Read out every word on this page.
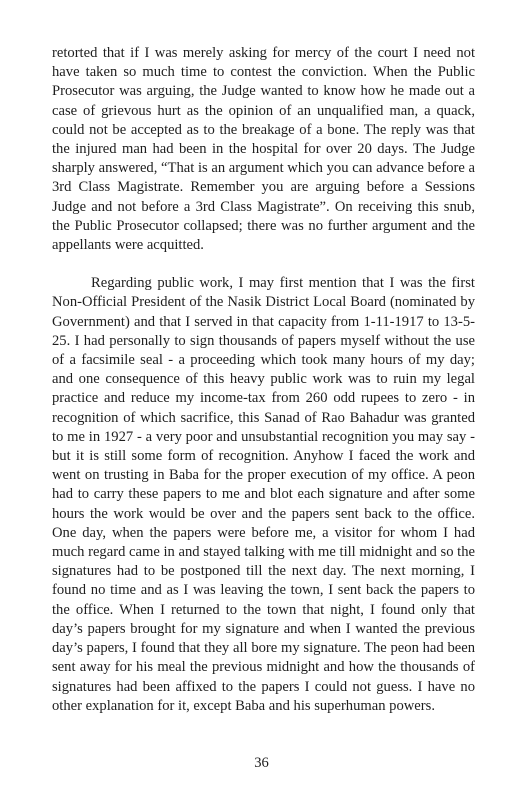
retorted that if I was merely asking for mercy of the court I need not have taken so much time to contest the conviction. When the Public Prosecutor was arguing, the Judge wanted to know how he made out a case of grievous hurt as the opinion of an unqualified man, a quack, could not be accepted as to the breakage of a bone. The reply was that the injured man had been in the hospital for over 20 days. The Judge sharply answered, “That is an argument which you can advance before a 3rd Class Magistrate. Remember you are arguing before a Sessions Judge and not before a 3rd Class Magistrate”. On receiving this snub, the Public Prosecutor collapsed; there was no further argument and the appellants were acquitted.

Regarding public work, I may first mention that I was the first Non-Official President of the Nasik District Local Board (nominated by Government) and that I served in that capacity from 1-11-1917 to 13-5-25. I had personally to sign thousands of papers myself without the use of a facsimile seal - a proceeding which took many hours of my day; and one consequence of this heavy public work was to ruin my legal practice and reduce my income-tax from 260 odd rupees to zero - in recognition of which sacrifice, this Sanad of Rao Bahadur was granted to me in 1927 - a very poor and unsubstantial recognition you may say - but it is still some form of recognition. Anyhow I faced the work and went on trusting in Baba for the proper execution of my office. A peon had to carry these papers to me and blot each signature and after some hours the work would be over and the papers sent back to the office. One day, when the papers were before me, a visitor for whom I had much regard came in and stayed talking with me till midnight and so the signatures had to be postponed till the next day. The next morning, I found no time and as I was leaving the town, I sent back the papers to the office. When I returned to the town that night, I found only that day’s papers brought for my signature and when I wanted the previous day’s papers, I found that they all bore my signature. The peon had been sent away for his meal the previous midnight and how the thousands of signatures had been affixed to the papers I could not guess. I have no other explanation for it, except Baba and his superhuman powers.

36
